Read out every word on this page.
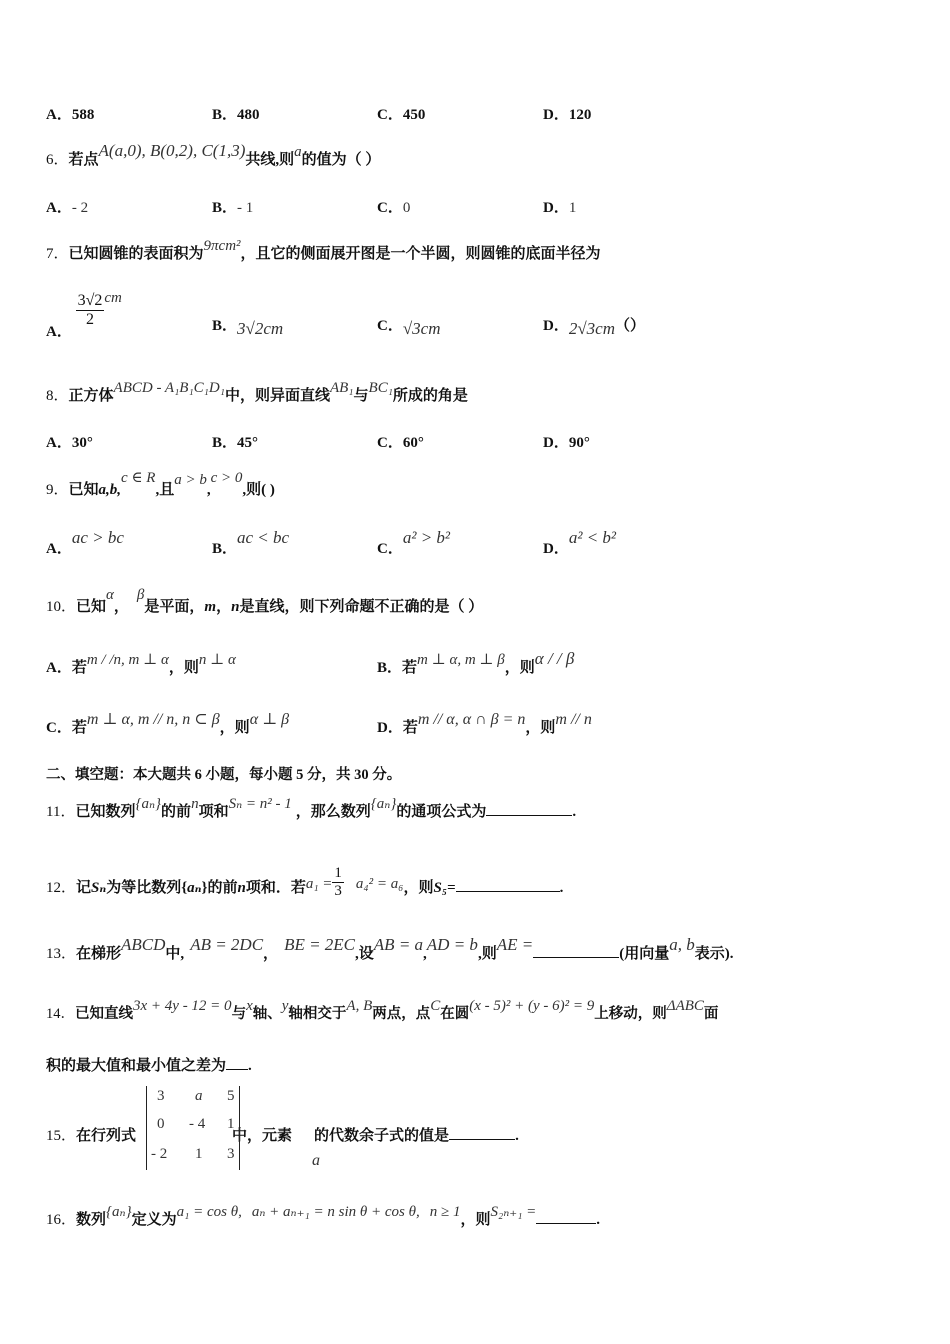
A．588	B．480	C．450	D．120
6．若点A(a,0), B(0,2), C(1,3)共线,则a的值为（ ）
A．- 2	B．- 1	C．0	D．1
7．已知圆锥的表面积为9πcm²，且它的侧面展开图是一个半圆，则圆锥的底面半径为
A．
$\frac{3√2}{2}$ cm
B．3√2cm	C．√3cm	D．2√3cm（）
8．正方体ABCD - A₁B₁C₁D₁中，则异面直线AB₁与BC₁所成的角是
A．30°	B．45°	C．60°	D．90°
9．已知a,b,c ∈ R,且a > b,c > 0,则( )
A．ac > bc
B．ac < bc
C．a² > b²
D．a² < b²
10．已知α，β是平面，m，n是直线，则下列命题不正确的是（ ）
A．若m / /n, m ⊥ α，则n ⊥ α	B．若m ⊥ α, m ⊥ β，则α / / β
C．若m ⊥ α, m // n, n ⊂ β，则α ⊥ β	D．若m // α, α ∩ β = n，则m // n
二、填空题：本大题共 6 小题，每小题 5 分，共 30 分。
11．已知数列{aₙ}的前n项和Sₙ = n² - 1 ，那么数列{aₙ}的通项公式为	.
12．记Sₙ为等比数列{aₙ}的前n项和．若$a_1 = \frac{1}{3} a_4^2 = a_6$，则S₅=	.
13．在梯形ABCD中, AB = 2DC， BE = 2EC,设AB = a,AD = b,则AE =	(用向量a, b表示).
14．已知直线3x + 4y - 12 = 0与x轴、y轴相交于A, B两点，点C在圆(x - 5)² + (y - 6)² = 9上移动，则ΔABC面
积的最大值和最小值之差为 .
15．在行列式	中，元素 的代数余子式的值是	.
3 a 5
0 - 4 1
- 2 1 3	a
16．数列{aₙ}定义为a₁ = cos θ, aₙ + aₙ₊₁ = n sin θ + cos θ, n ≥ 1，则S₂ₙ₊₁ =	.
